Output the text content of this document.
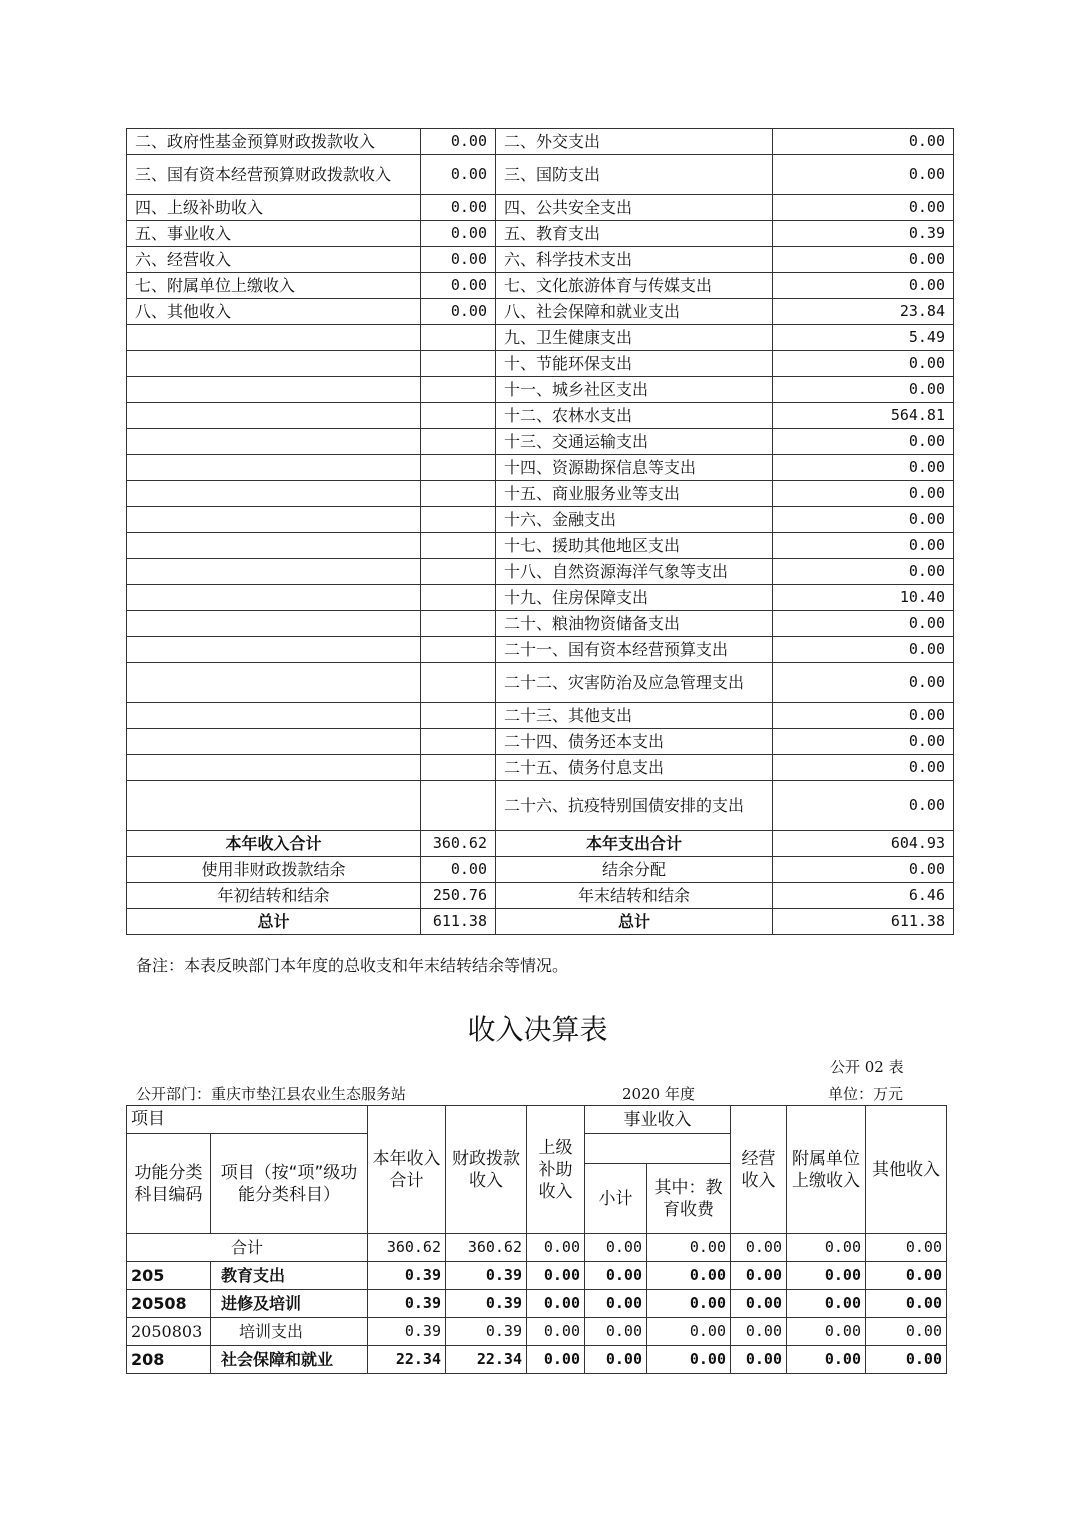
二、政府性基金预算财政拨款收入	0.00	二、外交支出	0.00
三、国有资本经营预算财政拨款收入	0.00	三、国防支出	0.00
四、上级补助收入	0.00	四、公共安全支出	0.00
五、事业收入	0.00	五、教育支出	0.39
六、经营收入	0.00	六、科学技术支出	0.00
七、附属单位上缴收入	0.00	七、文化旅游体育与传媒支出	0.00
八、其他收入	0.00	八、社会保障和就业支出	23.84
		九、卫生健康支出	5.49
		十、节能环保支出	0.00
		十一、城乡社区支出	0.00
		十二、农林水支出	564.81
		十三、交通运输支出	0.00
		十四、资源勘探信息等支出	0.00
		十五、商业服务业等支出	0.00
		十六、金融支出	0.00
		十七、援助其他地区支出	0.00
		十八、自然资源海洋气象等支出	0.00
		十九、住房保障支出	10.40
		二十、粮油物资储备支出	0.00
		二十一、国有资本经营预算支出	0.00
		二十二、灾害防治及应急管理支出	0.00
		二十三、其他支出	0.00
		二十四、债务还本支出	0.00
		二十五、债务付息支出	0.00
		二十六、抗疫特别国债安排的支出	0.00
本年收入合计	360.62	本年支出合计	604.93
使用非财政拨款结余	0.00	结余分配	0.00
年初结转和结余	250.76	年末结转和结余	6.46
总计	611.38	总计	611.38
备注：本表反映部门本年度的总收支和年末结转结余等情况。
收入决算表
公开 02 表
公开部门：重庆市垫江县农业生态服务站	2020 年度	单位：万元
项目		本年收入合计	财政拨款收入	上级补助收入	事业收入		经营收入	附属单位上缴收入	其他收入
功能分类科目编码	项目（按“项”级功能分类科目）								
					小计	其中：教育收费			
合计		360.62	360.62	0.00	0.00	0.00	0.00	0.00	0.00
205	教育支出	0.39	0.39	0.00	0.00	0.00	0.00	0.00	0.00
20508	进修及培训	0.39	0.39	0.00	0.00	0.00	0.00	0.00	0.00
2050803	培训支出	0.39	0.39	0.00	0.00	0.00	0.00	0.00	0.00
208	社会保障和就业	22.34	22.34	0.00	0.00	0.00	0.00	0.00	0.00
